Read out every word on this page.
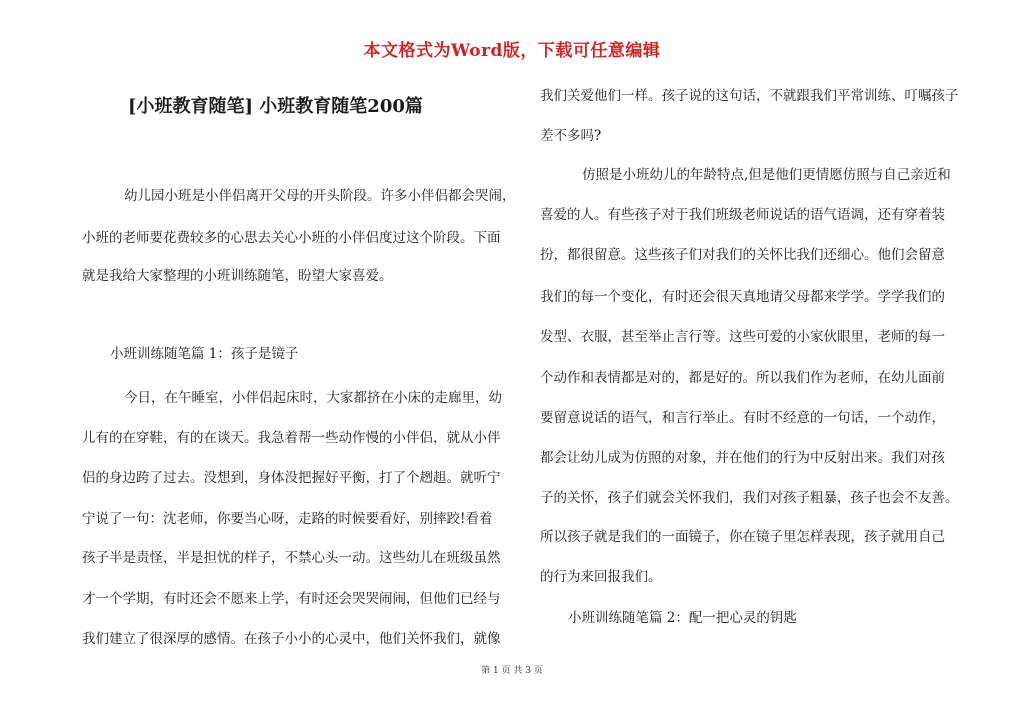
本文格式为Word版，下载可任意编辑
[小班教育随笔] 小班教育随笔200篇
幼儿园小班是小伴侣离开父母的开头阶段。许多小伴侣都会哭闹，
小班的老师要花费较多的心思去关心小班的小伴侣度过这个阶段。下面
就是我给大家整理的小班训练随笔，盼望大家喜爱。
小班训练随笔篇 1：孩子是镜子
今日，在午睡室，小伴侣起床时，大家都挤在小床的走廊里，幼
儿有的在穿鞋，有的在谈天。我急着帮一些动作慢的小伴侣，就从小伴
侣的身边跨了过去。没想到，身体没把握好平衡，打了个趔趄。就听宁
宁说了一句：沈老师，你要当心呀，走路的时候要看好，别摔跤!看着
孩子半是责怪，半是担忧的样子，不禁心头一动。这些幼儿在班级虽然
才一个学期，有时还会不愿来上学，有时还会哭哭闹闹，但他们已经与
我们建立了很深厚的感情。在孩子小小的心灵中，他们关怀我们，就像
我们关爱他们一样。孩子说的这句话，不就跟我们平常训练、叮嘱孩子
差不多吗?
仿照是小班幼儿的年龄特点,但是他们更情愿仿照与自己亲近和
喜爱的人。有些孩子对于我们班级老师说话的语气语调，还有穿着装
扮，都很留意。这些孩子们对我们的关怀比我们还细心。他们会留意
我们的每一个变化，有时还会很天真地请父母都来学学。学学我们的
发型、衣服，甚至举止言行等。这些可爱的小家伙眼里，老师的每一
个动作和表情都是对的，都是好的。所以我们作为老师，在幼儿面前
要留意说话的语气，和言行举止。有时不经意的一句话，一个动作，
都会让幼儿成为仿照的对象，并在他们的行为中反射出来。我们对孩
子的关怀，孩子们就会关怀我们，我们对孩子粗暴，孩子也会不友善。
所以孩子就是我们的一面镜子，你在镜子里怎样表现，孩子就用自己
的行为来回报我们。
小班训练随笔篇 2：配一把心灵的钥匙
第 1 页 共 3 页
